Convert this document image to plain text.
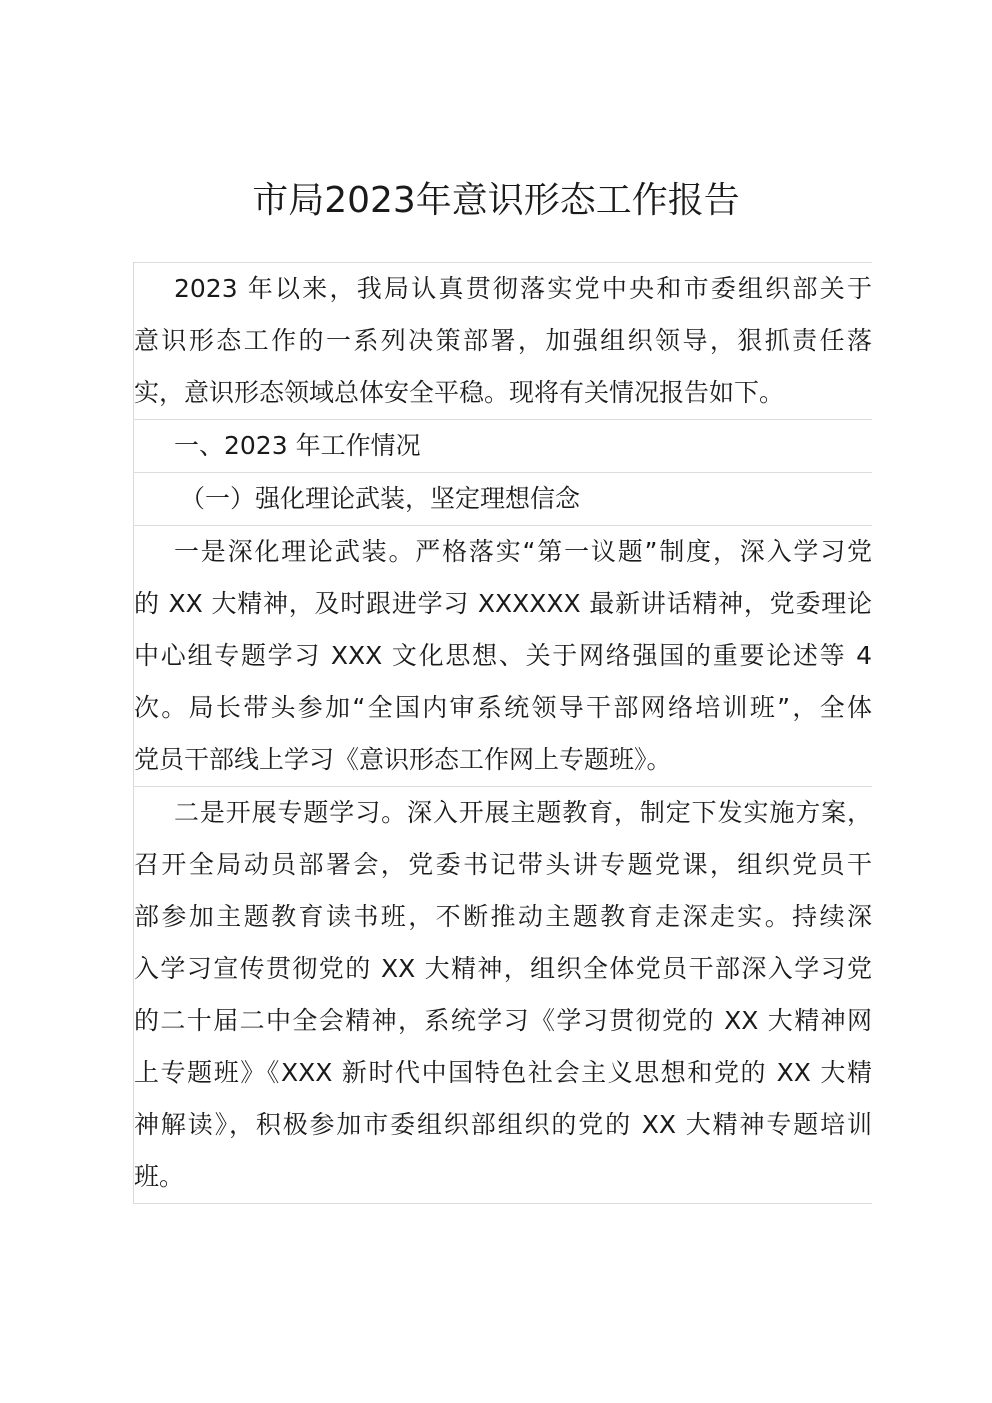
市局2023年意识形态工作报告
2023 年以来，我局认真贯彻落实党中央和市委组织部关于
意识形态工作的一系列决策部署，加强组织领导，狠抓责任落
实，意识形态领域总体安全平稳。现将有关情况报告如下。
一、2023 年工作情况
（一）强化理论武装，坚定理想信念
一是深化理论武装。严格落实“第一议题”制度，深入学习党
的 XX 大精神，及时跟进学习 XXXXXX 最新讲话精神，党委理论
中心组专题学习 XXX 文化思想、关于网络强国的重要论述等 4
次。局长带头参加“全国内审系统领导干部网络培训班”，全体
党员干部线上学习《意识形态工作网上专题班》。
二是开展专题学习。深入开展主题教育，制定下发实施方案，
召开全局动员部署会，党委书记带头讲专题党课，组织党员干
部参加主题教育读书班，不断推动主题教育走深走实。持续深
入学习宣传贯彻党的 XX 大精神，组织全体党员干部深入学习党
的二十届二中全会精神，系统学习《学习贯彻党的 XX 大精神网
上专题班》《XXX 新时代中国特色社会主义思想和党的 XX 大精
神解读》，积极参加市委组织部组织的党的 XX 大精神专题培训
班。
